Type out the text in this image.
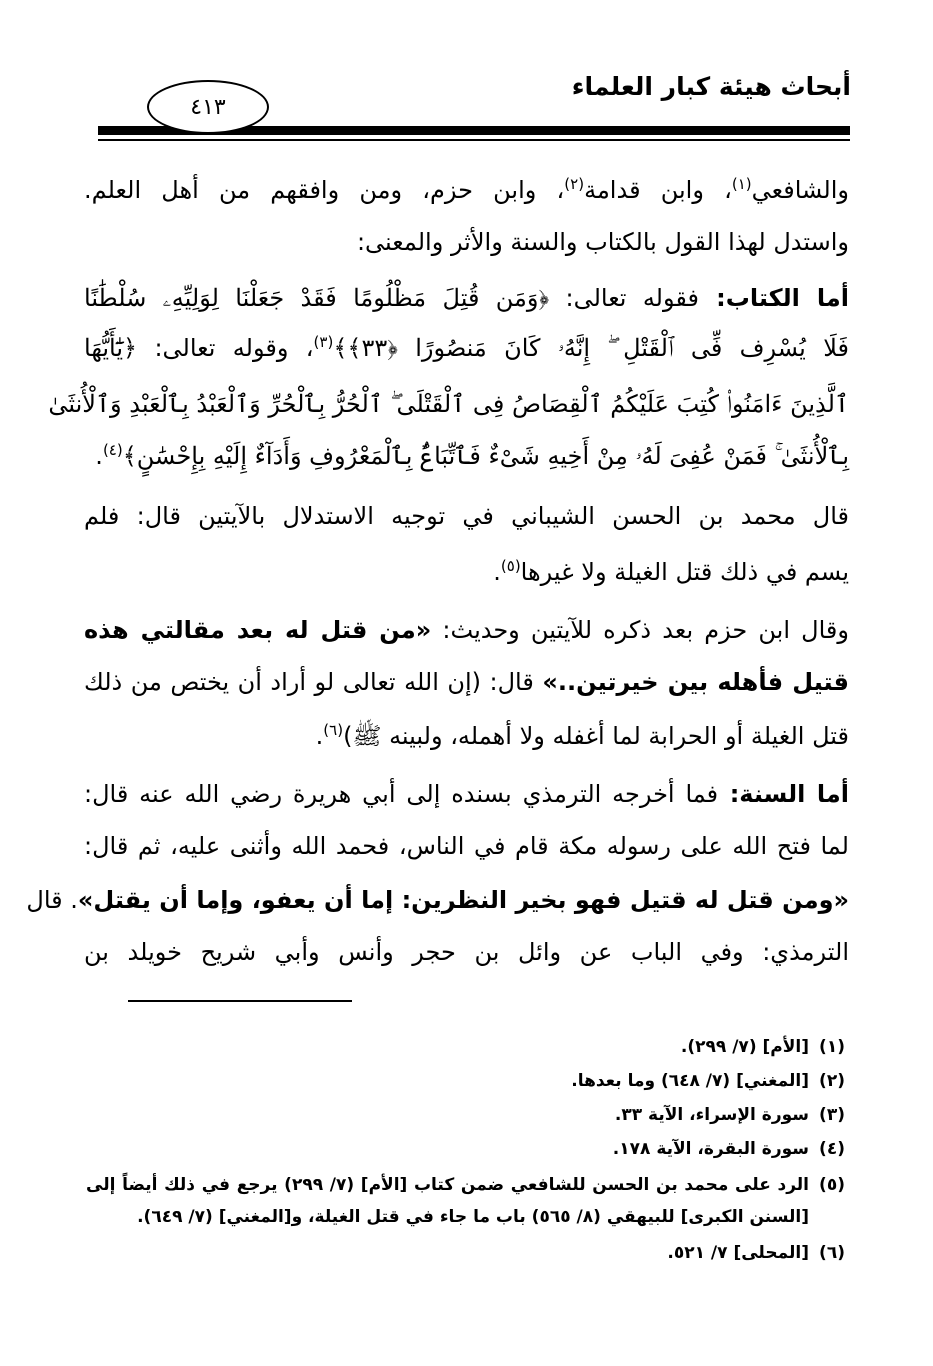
أبحاث هيئة كبار العلماء
٤١٣
والشافعي$^{(١)}$، وابن قدامة$^{(٢)}$، وابن حزم، ومن وافقهم من أهل العلم.
واستدل لهذا القول بالكتاب والسنة والأثر والمعنى:
أما الكتاب: فقوله تعالى: ﴿وَمَن قُتِلَ مَظْلُومًا فَقَدْ جَعَلْنَا لِوَلِيِّهِۦ سُلْطَٰنًا
فَلَا يُسْرِف فِّى ٱلْقَتْلِ ۖ إِنَّهُۥ كَانَ مَنصُورًا ﴿٣٣﴾﴾$^{(٣)}$، وقوله تعالى: ﴿يَٰٓأَيُّهَا
ٱلَّذِينَ ءَامَنُوا۟ كُتِبَ عَلَيْكُمُ ٱلْقِصَاصُ فِى ٱلْقَتْلَى ۖ ٱلْحُرُّ بِٱلْحُرِّ وَٱلْعَبْدُ بِٱلْعَبْدِ وَٱلْأُنثَىٰ
بِٱلْأُنثَىٰ ۚ فَمَنْ عُفِىَ لَهُۥ مِنْ أَخِيهِ شَىْءٌ فَٱتِّبَاعٌۢ بِٱلْمَعْرُوفِ وَأَدَآءٌ إِلَيْهِ بِإِحْسَٰنٍ﴾$^{(٤)}$.
قال محمد بن الحسن الشيباني في توجيه الاستدلال بالآيتين قال: فلم
يسم في ذلك قتل الغيلة ولا غيرها$^{(٥)}$.
وقال ابن حزم بعد ذكره للآيتين وحديث: «من قتل له بعد مقالتي هذه
قتيل فأهله بين خيرتين..» قال: (إن الله تعالى لو أراد أن يختص من ذلك
قتل الغيلة أو الحرابة لما أغفله ولا أهمله، ولبينه ﷺ)$^{(٦)}$.
أما السنة: فما أخرجه الترمذي بسنده إلى أبي هريرة رضي الله عنه قال:
لما فتح الله على رسوله مكة قام في الناس، فحمد الله وأثنى عليه، ثم قال:
«ومن قتل له قتيل فهو بخير النظرين: إما أن يعفو، وإما أن يقتل». قال
الترمذي: وفي الباب عن وائل بن حجر وأنس وأبي شريح خويلد بن
(١)[الأم] (٧/ ٢٩٩).
(٢)[المغني] (٧/ ٦٤٨) وما بعدها.
(٣)سورة الإسراء، الآية ٣٣.
(٤)سورة البقرة، الآية ١٧٨.
(٥)الرد على محمد بن الحسن للشافعي ضمن كتاب [الأم] (٧/ ٢٩٩) يرجع في ذلك أيضاً إلى
[السنن الكبرى] للبيهقي (٨/ ٥٦٥) باب ما جاء في قتل الغيلة، و[المغني] (٧/ ٦٤٩).
(٦)[المحلى] ٧/ ٥٢١.
